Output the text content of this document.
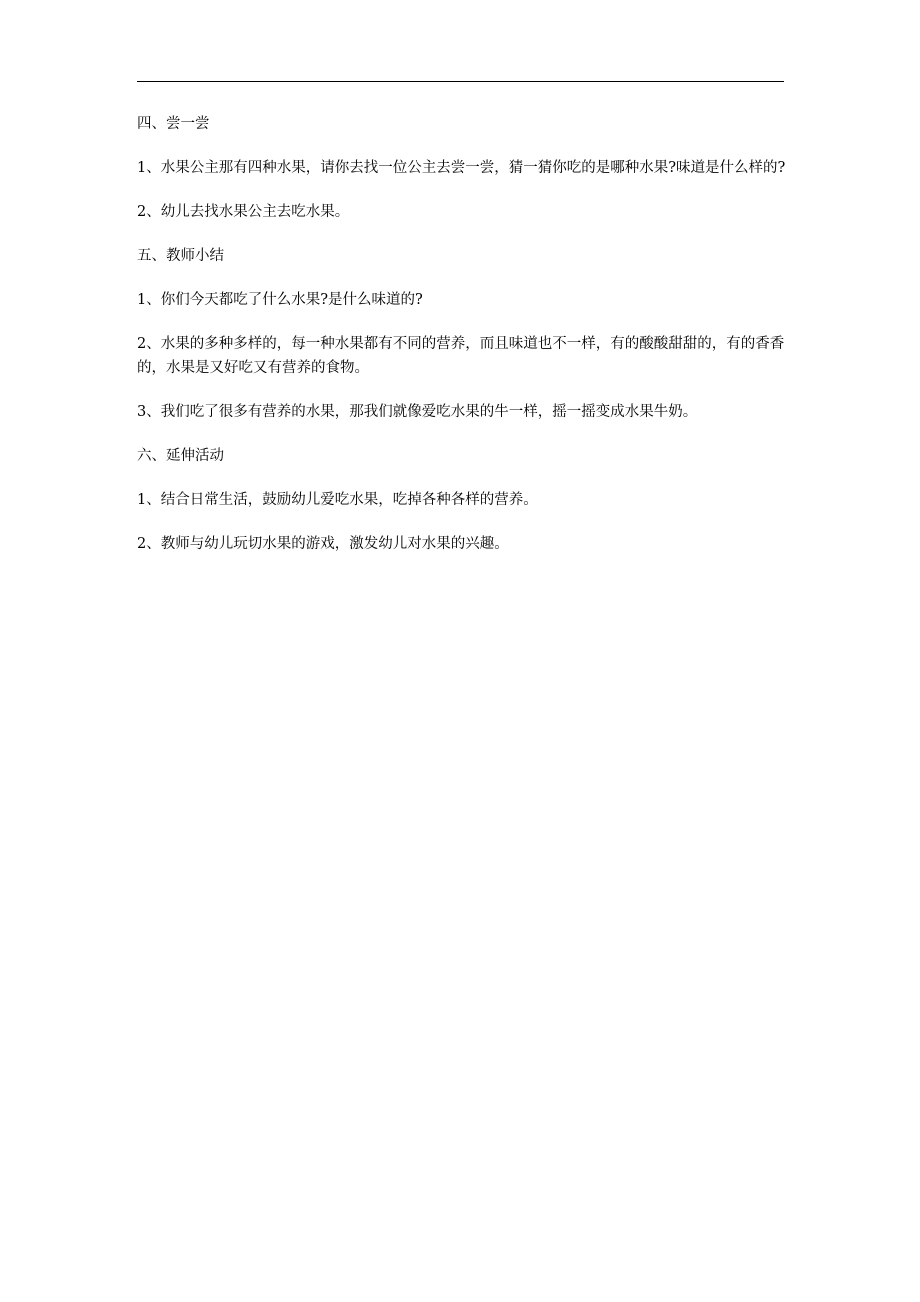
四、尝一尝

1、水果公主那有四种水果，请你去找一位公主去尝一尝，猜一猜你吃的是哪种水果?味道是什么样的?

2、幼儿去找水果公主去吃水果。

五、教师小结

1、你们今天都吃了什么水果?是什么味道的?

2、水果的多种多样的，每一种水果都有不同的营养，而且味道也不一样，有的酸酸甜甜的，有的香香的，水果是又好吃又有营养的食物。

3、我们吃了很多有营养的水果，那我们就像爱吃水果的牛一样，摇一摇变成水果牛奶。

六、延伸活动

1、结合日常生活，鼓励幼儿爱吃水果，吃掉各种各样的营养。

2、教师与幼儿玩切水果的游戏，激发幼儿对水果的兴趣。
